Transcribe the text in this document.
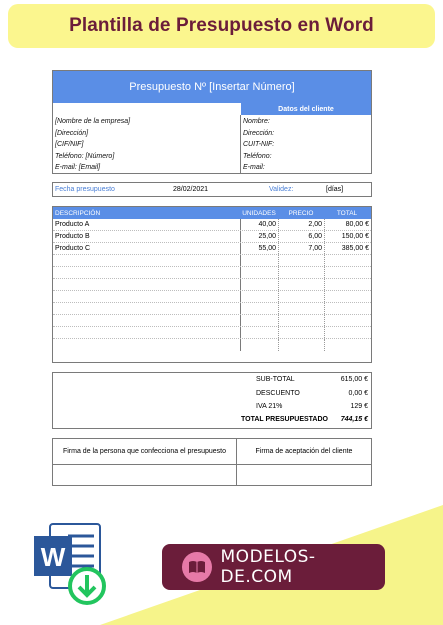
Plantilla de Presupuesto en Word
Presupuesto Nº [Insertar Número]
Datos del cliente
[Nombre de la empresa]
[Dirección]
[CIF/NIF]
Teléfono: [Número]
E-mail: [Email]
Nombre:
Dirección:
CUIT-NIF:
Teléfono:
E-mail:
Fecha presupuesto	28/02/2021	Validez:	[días]
DESCRIPCIÓN	UNIDADES	PRECIO	TOTAL
Producto A	40,00	2,00	80,00 €
Producto B	25,00	6,00	150,00 €
Producto C	55,00	7,00	385,00 €
SUB-TOTAL	615,00 €
DESCUENTO	0,00 €
IVA 21%	129 €
TOTAL PRESUPUESTADO 744,15 €
Firma de la persona que confecciona el presupuesto	Firma de aceptación del cliente
W	MODELOS-DE.COM
